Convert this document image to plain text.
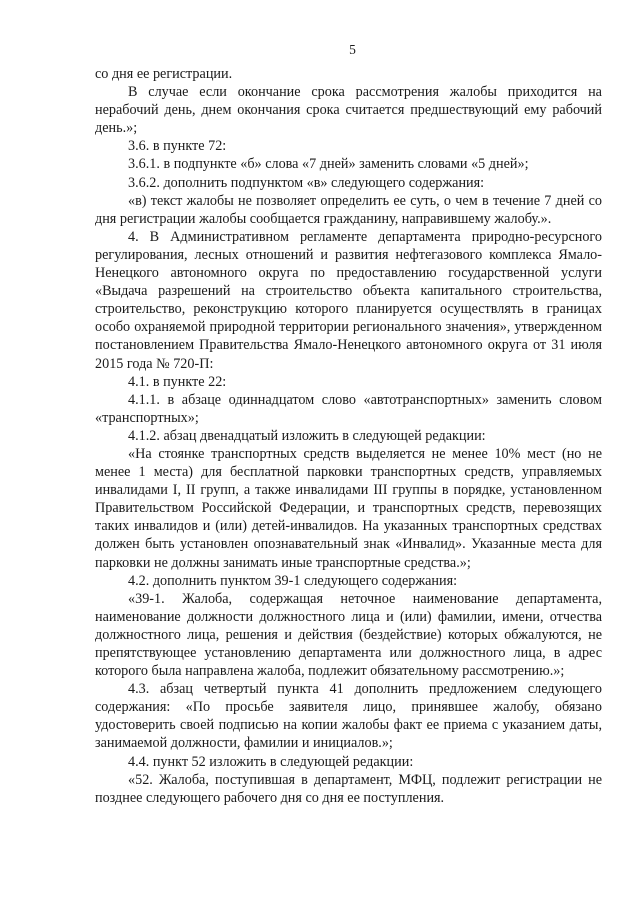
5

со дня ее регистрации.

В случае если окончание срока рассмотрения жалобы приходится на нерабочий день, днем окончания срока считается предшествующий ему рабочий день.»;

3.6. в пункте 72:

3.6.1. в подпункте «б» слова «7 дней» заменить словами «5 дней»;

3.6.2. дополнить подпунктом «в» следующего содержания:

«в) текст жалобы не позволяет определить ее суть, о чем в течение 7 дней со дня регистрации жалобы сообщается гражданину, направившему жалобу.».

4. В Административном регламенте департамента природно-ресурсного регулирования, лесных отношений и развития нефтегазового комплекса Ямало-Ненецкого автономного округа по предоставлению государственной услуги «Выдача разрешений на строительство объекта капитального строительства, строительство, реконструкцию которого планируется осуществлять в границах особо охраняемой природной территории регионального значения», утвержденном постановлением Правительства Ямало-Ненецкого автономного округа от 31 июля 2015 года № 720-П:

4.1. в пункте 22:

4.1.1. в абзаце одиннадцатом слово «автотранспортных» заменить словом «транспортных»;

4.1.2. абзац двенадцатый изложить в следующей редакции:

«На стоянке транспортных средств выделяется не менее 10% мест (но не менее 1 места) для бесплатной парковки транспортных средств, управляемых инвалидами I, II групп, а также инвалидами III группы в порядке, установленном Правительством Российской Федерации, и транспортных средств, перевозящих таких инвалидов и (или) детей-инвалидов. На указанных транспортных средствах должен быть установлен опознавательный знак «Инвалид». Указанные места для парковки не должны занимать иные транспортные средства.»;

4.2. дополнить пунктом 39-1 следующего содержания:

«39-1. Жалоба, содержащая неточное наименование департамента, наименование должности должностного лица и (или) фамилии, имени, отчества должностного лица, решения и действия (бездействие) которых обжалуются, не препятствующее установлению департамента или должностного лица, в адрес которого была направлена жалоба, подлежит обязательному рассмотрению.»;

4.3. абзац четвертый пункта 41 дополнить предложением следующего содержания: «По просьбе заявителя лицо, принявшее жалобу, обязано удостоверить своей подписью на копии жалобы факт ее приема с указанием даты, занимаемой должности, фамилии и инициалов.»;

4.4. пункт 52 изложить в следующей редакции:

«52. Жалоба, поступившая в департамент, МФЦ, подлежит регистрации не позднее следующего рабочего дня со дня ее поступления.
